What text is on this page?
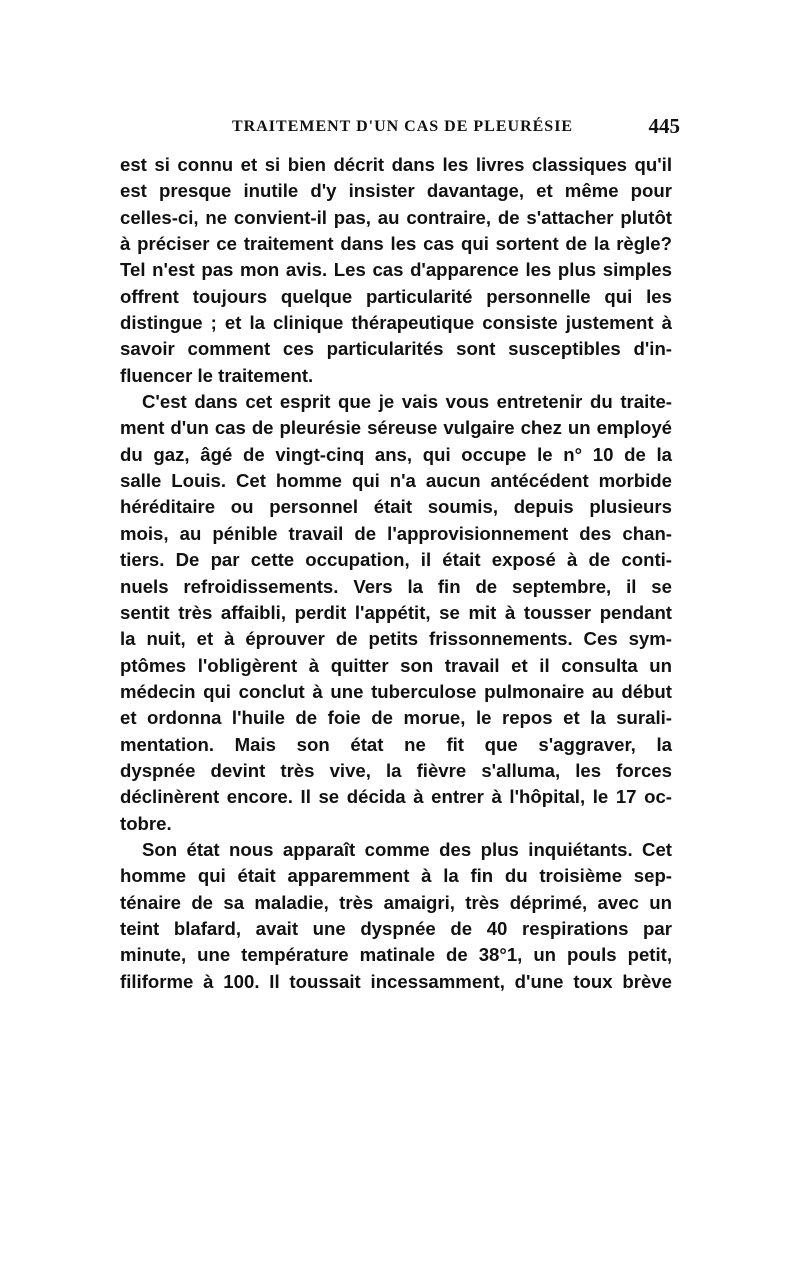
TRAITEMENT D'UN CAS DE PLEURÉSIE	445

est si connu et si bien décrit dans les livres classiques qu'il
est presque inutile d'y insister davantage, et même pour
celles-ci, ne convient-il pas, au contraire, de s'attacher plutôt
à préciser ce traitement dans les cas qui sortent de la règle?
Tel n'est pas mon avis. Les cas d'apparence les plus simples
offrent toujours quelque particularité personnelle qui les
distingue ; et la clinique thérapeutique consiste justement à
savoir comment ces particularités sont susceptibles d'in-
fluencer le traitement.

C'est dans cet esprit que je vais vous entretenir du traite-
ment d'un cas de pleurésie séreuse vulgaire chez un employé
du gaz, âgé de vingt-cinq ans, qui occupe le n° 10 de la
salle Louis. Cet homme qui n'a aucun antécédent morbide
héréditaire ou personnel était soumis, depuis plusieurs
mois, au pénible travail de l'approvisionnement des chan-
tiers. De par cette occupation, il était exposé à de conti-
nuels refroidissements. Vers la fin de septembre, il se
sentit très affaibli, perdit l'appétit, se mit à tousser pendant
la nuit, et à éprouver de petits frissonnements. Ces sym-
ptômes l'obligèrent à quitter son travail et il consulta un
médecin qui conclut à une tuberculose pulmonaire au début
et ordonna l'huile de foie de morue, le repos et la surali-
mentation. Mais son état ne fit que s'aggraver, la
dyspnée devint très vive, la fièvre s'alluma, les forces
déclinèrent encore. Il se décida à entrer à l'hôpital, le 17 oc-
tobre.

Son état nous apparaît comme des plus inquiétants. Cet
homme qui était apparemment à la fin du troisième sep-
ténaire de sa maladie, très amaigri, très déprimé, avec un
teint blafard, avait une dyspnée de 40 respirations par
minute, une température matinale de 38°1, un pouls petit,
filiforme à 100. Il toussait incessamment, d'une toux brève
